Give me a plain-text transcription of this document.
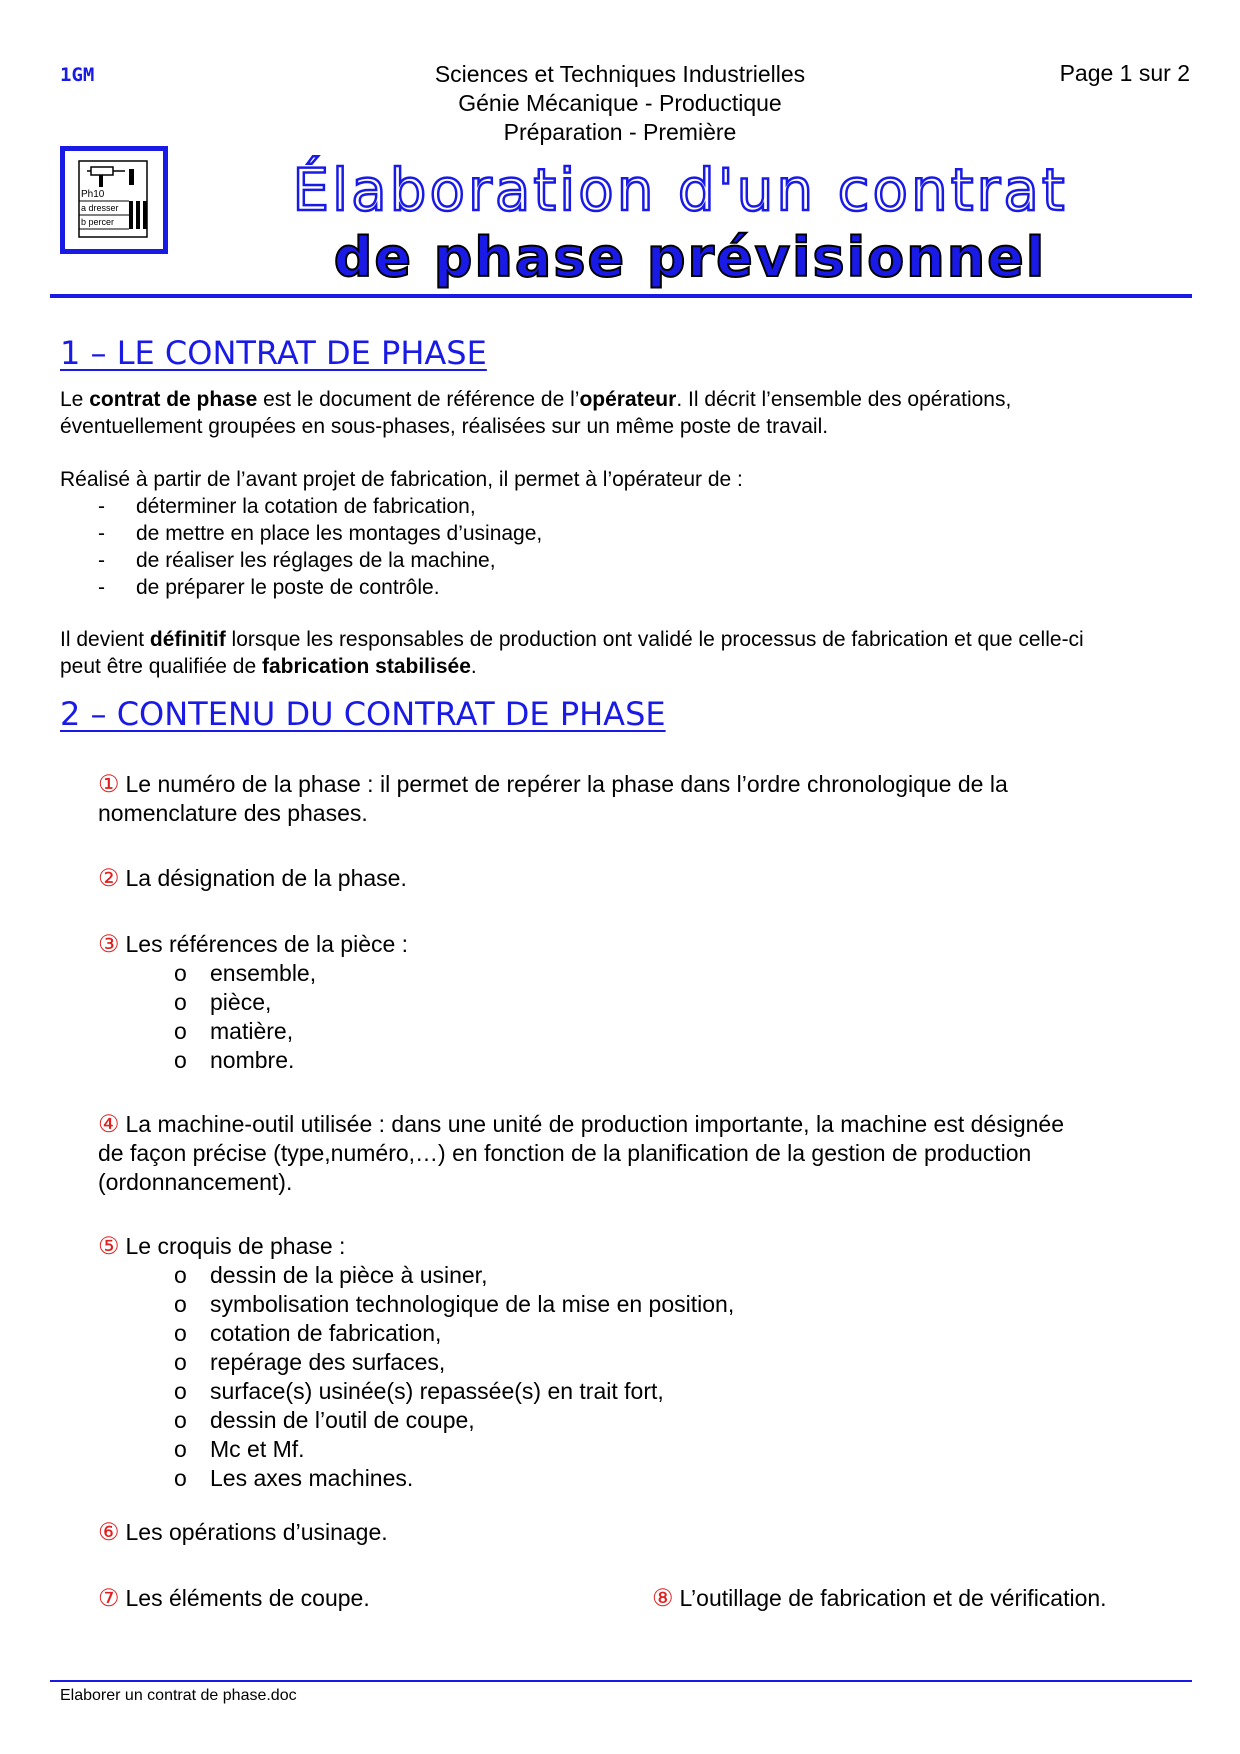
1GM	Sciences et Techniques Industrielles
Génie Mécanique - Productique
Préparation - Première
Page 1 sur 2
Ph10
a dresser
b percer	Élaboration d'un contrat
de phase prévisionnel
1 – LE CONTRAT DE PHASE
Le contrat de phase est le document de référence de l’opérateur. Il décrit l’ensemble des opérations,
éventuellement groupées en sous-phases, réalisées sur un même poste de travail.
Réalisé à partir de l’avant projet de fabrication, il permet à l’opérateur de :
- déterminer la cotation de fabrication,
- de mettre en place les montages d’usinage,
- de réaliser les réglages de la machine,
- de préparer le poste de contrôle.
Il devient définitif lorsque les responsables de production ont validé le processus de fabrication et que celle-ci
peut être qualifiée de fabrication stabilisée.
2 – CONTENU DU CONTRAT DE PHASE
① Le numéro de la phase : il permet de repérer la phase dans l’ordre chronologique de la
nomenclature des phases.
② La désignation de la phase.
③ Les références de la pièce :
o ensemble,
o pièce,
o matière,
o nombre.
④ La machine-outil utilisée : dans une unité de production importante, la machine est désignée
de façon précise (type,numéro,…) en fonction de la planification de la gestion de production
(ordonnancement).
⑤ Le croquis de phase :
o dessin de la pièce à usiner,
o symbolisation technologique de la mise en position,
o cotation de fabrication,
o repérage des surfaces,
o surface(s) usinée(s) repassée(s) en trait fort,
o dessin de l’outil de coupe,
o Mc et Mf.
o Les axes machines.
⑥ Les opérations d’usinage.
⑦ Les éléments de coupe.	⑧ L’outillage de fabrication et de vérification.
Elaborer un contrat de phase.doc
